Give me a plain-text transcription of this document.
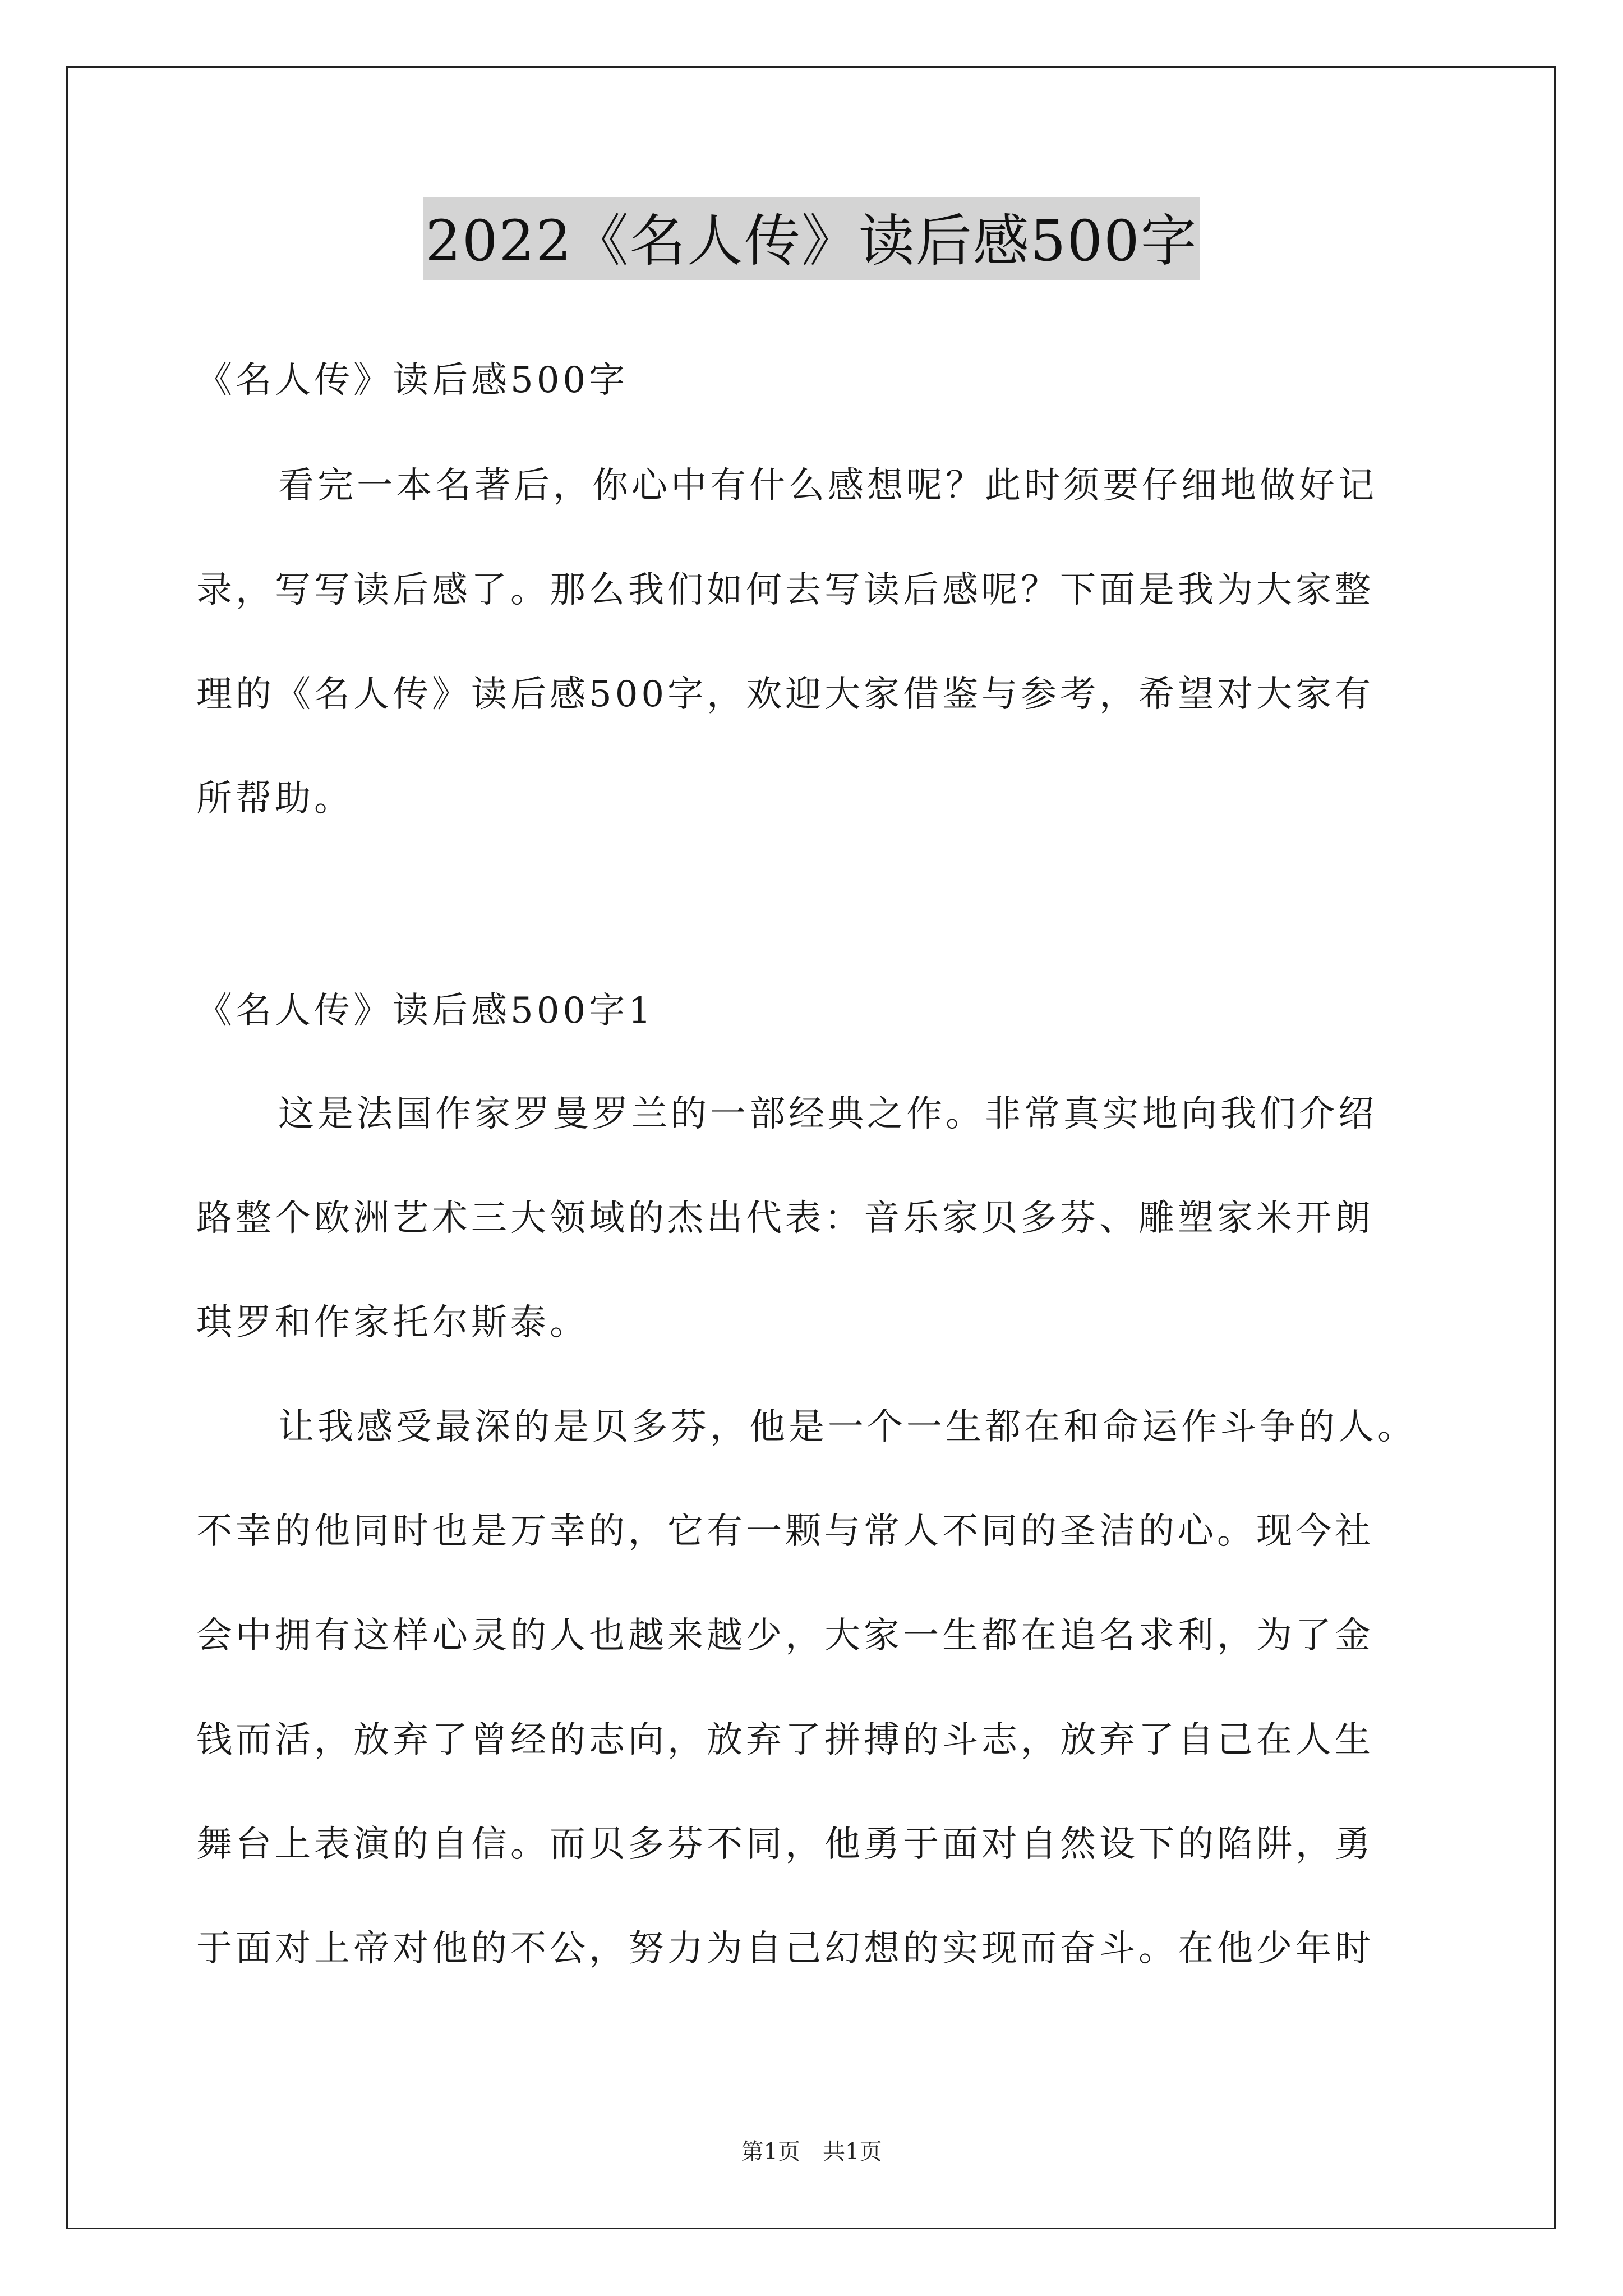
2022《名人传》读后感500字
《名人传》读后感500字
看完一本名著后，你心中有什么感想呢？此时须要仔细地做好记
录，写写读后感了。那么我们如何去写读后感呢？下面是我为大家整
理的《名人传》读后感500字，欢迎大家借鉴与参考，希望对大家有
所帮助。
《名人传》读后感500字1
这是法国作家罗曼罗兰的一部经典之作。非常真实地向我们介绍
路整个欧洲艺术三大领域的杰出代表：音乐家贝多芬、雕塑家米开朗
琪罗和作家托尔斯泰。
让我感受最深的是贝多芬，他是一个一生都在和命运作斗争的人。
不幸的他同时也是万幸的，它有一颗与常人不同的圣洁的心。现今社
会中拥有这样心灵的人也越来越少，大家一生都在追名求利，为了金
钱而活，放弃了曾经的志向，放弃了拼搏的斗志，放弃了自己在人生
舞台上表演的自信。而贝多芬不同，他勇于面对自然设下的陷阱，勇
于面对上帝对他的不公，努力为自己幻想的实现而奋斗。在他少年时
第1页　共1页
